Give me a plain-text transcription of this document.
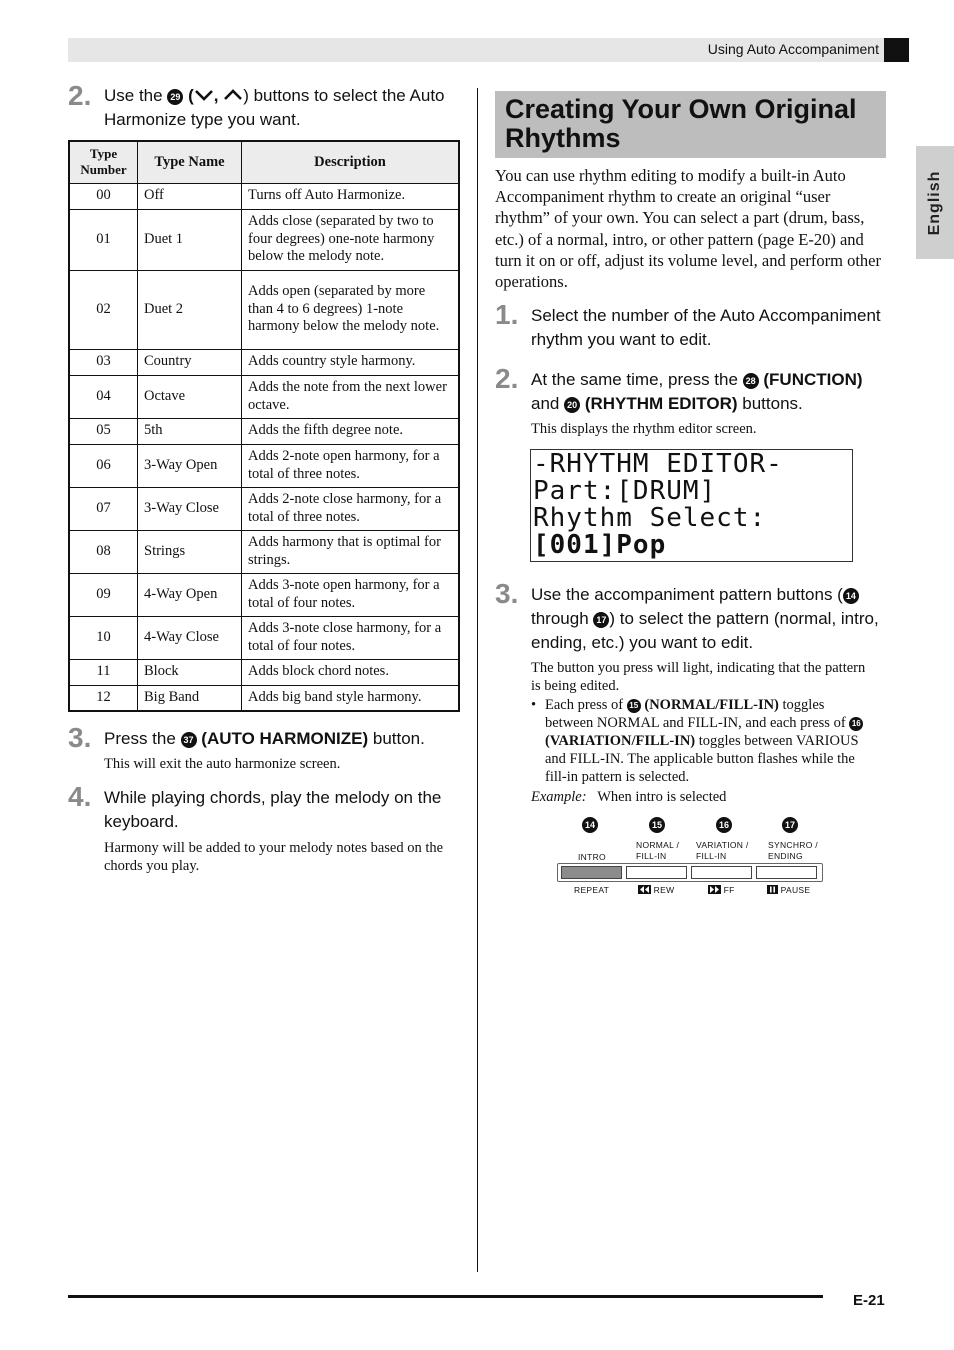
Using Auto Accompaniment
English
2. Use the 29 ( , ) buttons to select the Auto Harmonize type you want.
Type Number	Type Name	Description
00	Off	Turns off Auto Harmonize.
01	Duet 1	Adds close (separated by two to four degrees) one-note harmony below the melody note.
02	Duet 2	Adds open (separated by more than 4 to 6 degrees) 1-note harmony below the melody note.
03	Country	Adds country style harmony.
04	Octave	Adds the note from the next lower octave.
05	5th	Adds the fifth degree note.
06	3-Way Open	Adds 2-note open harmony, for a total of three notes.
07	3-Way Close	Adds 2-note close harmony, for a total of three notes.
08	Strings	Adds harmony that is optimal for strings.
09	4-Way Open	Adds 3-note open harmony, for a total of four notes.
10	4-Way Close	Adds 3-note close harmony, for a total of four notes.
11	Block	Adds block chord notes.
12	Big Band	Adds big band style harmony.
3. Press the 37 (AUTO HARMONIZE) button.
This will exit the auto harmonize screen.
4. While playing chords, play the melody on the keyboard.
Harmony will be added to your melody notes based on the chords you play.
Creating Your Own Original Rhythms
You can use rhythm editing to modify a built-in Auto Accompaniment rhythm to create an original “user rhythm” of your own. You can select a part (drum, bass, etc.) of a normal, intro, or other pattern (page E-20) and turn it on or off, adjust its volume level, and perform other operations.
1. Select the number of the Auto Accompaniment rhythm you want to edit.
2. At the same time, press the 28 (FUNCTION)
and 20 (RHYTHM EDITOR) buttons.
This displays the rhythm editor screen.
-RHYTHM EDITOR-
Part:[DRUM]
Rhythm Select:
[001]Pop
3. Use the accompaniment pattern buttons ( 14
through 17 ) to select the pattern (normal, intro, ending, etc.) you want to edit.
The button you press will light, indicating that the pattern is being edited.
• Each press of 15 (NORMAL/FILL-IN) toggles between NORMAL and FILL-IN, and each press of 16 (VARIATION/FILL-IN) toggles between VARIOUS and FILL-IN. The applicable button flashes while the fill-in pattern is selected.
Example: When intro is selected
14	15	16	17
INTRO
NORMAL /
FILL-IN
VARIATION /
FILL-IN
SYNCHRO /
ENDING
REPEAT	REW	FF	PAUSE
E-21
